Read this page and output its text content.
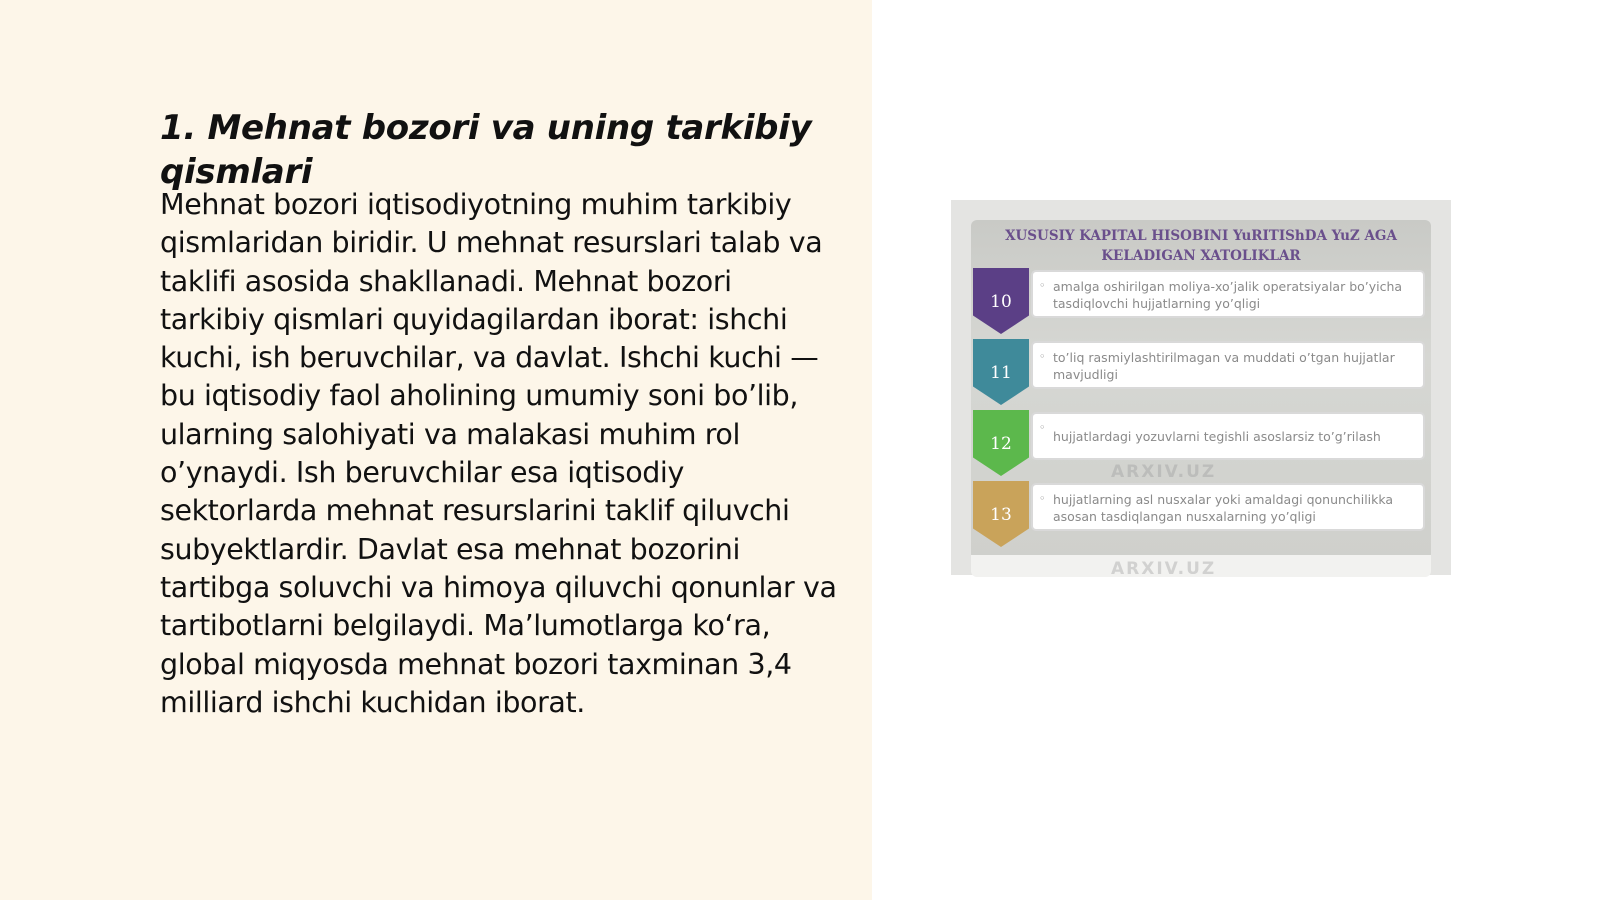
1. Mehnat bozori va uning tarkibiy qismlari

Mehnat bozori iqtisodiyotning muhim tarkibiy qismlaridan biridir. U mehnat resurslari talab va taklifi asosida shakllanadi. Mehnat bozori tarkibiy qismlari quyidagilardan iborat: ishchi kuchi, ish beruvchilar, va davlat. Ishchi kuchi — bu iqtisodiy faol aholining umumiy soni bo’lib, ularning salohiyati va malakasi muhim rol o’ynaydi. Ish beruvchilar esa iqtisodiy sektorlarda mehnat resurslarini taklif qiluvchi subyektlardir. Davlat esa mehnat bozorini tartibga soluvchi va himoya qiluvchi qonunlar va tartibotlarni belgilaydi. Ma’lumotlarga ko‘ra, global miqyosda mehnat bozori taxminan 3,4 milliard ishchi kuchidan iborat.

XUSUSIY KAPITAL HISOBINI YuRITIShDA YuZ AGA KELADIGAN XATOLIKLAR
10
◦ amalga oshirilgan moliya-xo’jalik operatsiyalar bo’yicha tasdiqlovchi hujjatlarning yo’qligi
11
◦ to’liq rasmiylashtirilmagan va muddati o’tgan hujjatlar mavjudligi
12
◦	hujjatlardagi yozuvlarni tegishli asoslarsiz to’g’rilash
13
◦ hujjatlarning asl nusxalar yoki amaldagi qonunchilikka asosan tasdiqlangan nusxalarning yo’qligi
ARXIV.UZ
ARXIV.UZ
